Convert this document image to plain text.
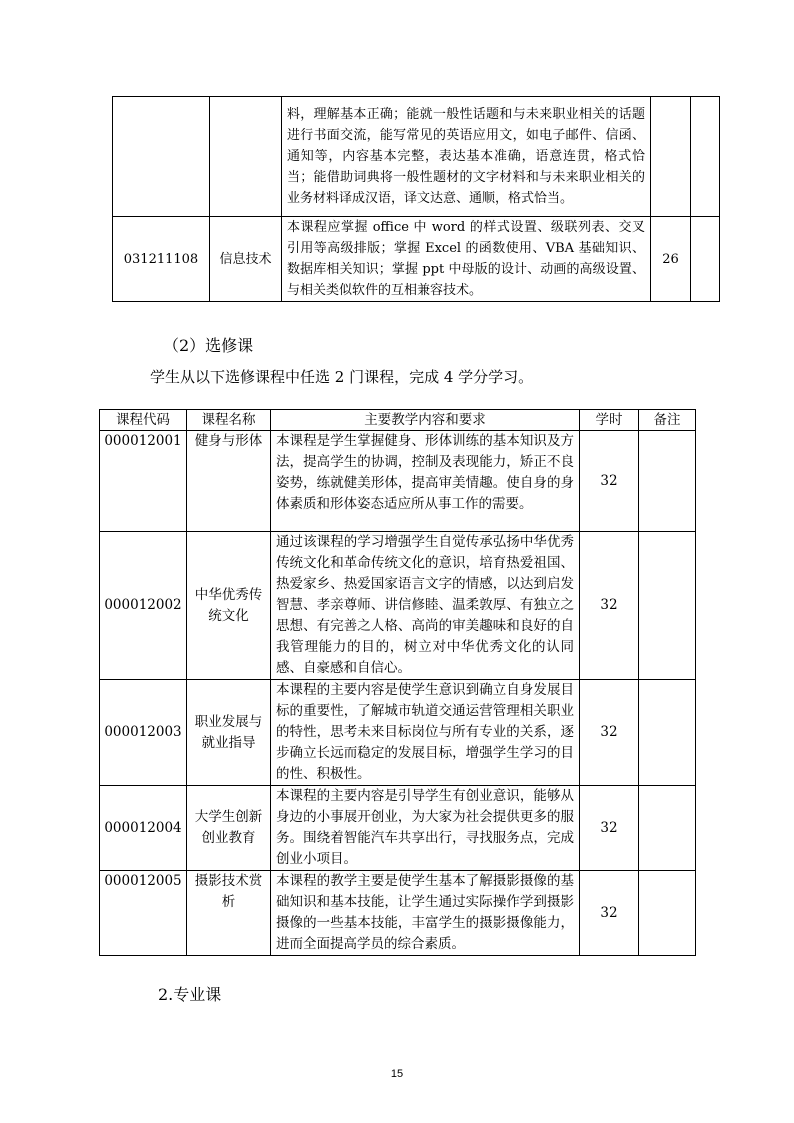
		料，理解基本正确；能就一般性话题和与未来职业相关的话题进行书面交流，能写常见的英语应用文，如电子邮件、信函、通知等，内容基本完整，表达基本准确，语意连贯，格式恰当；能借助词典将一般性题材的文字材料和与未来职业相关的业务材料译成汉语，译文达意、通顺，格式恰当。		
031211108	信息技术	本课程应掌握 office 中 word 的样式设置、级联列表、交叉引用等高级排版；掌握 Excel 的函数使用、VBA 基础知识、数据库相关知识；掌握 ppt 中母版的设计、动画的高级设置、与相关类似软件的互相兼容技术。	26	
（2）选修课
学生从以下选修课程中任选 2 门课程，完成 4 学分学习。
课程代码	课程名称	主要教学内容和要求	学时	备注
000012001	健身与形体	本课程是学生掌握健身、形体训练的基本知识及方法，提高学生的协调，控制及表现能力，矫正不良姿势，练就健美形体，提高审美情趣。使自身的身体素质和形体姿态适应所从事工作的需要。	32	
000012002	中华优秀传统文化	通过该课程的学习增强学生自觉传承弘扬中华优秀传统文化和革命传统文化的意识，培育热爱祖国、热爱家乡、热爱国家语言文字的情感，以达到启发智慧、孝亲尊师、讲信修睦、温柔敦厚、有独立之思想、有完善之人格、高尚的审美趣味和良好的自我管理能力的目的，树立对中华优秀文化的认同感、自豪感和自信心。	32	
000012003	职业发展与就业指导	本课程的主要内容是使学生意识到确立自身发展目标的重要性，了解城市轨道交通运营管理相关职业的特性，思考未来目标岗位与所有专业的关系，逐步确立长远而稳定的发展目标，增强学生学习的目的性、积极性。	32	
000012004	大学生创新创业教育	本课程的主要内容是引导学生有创业意识，能够从身边的小事展开创业，为大家为社会提供更多的服务。围绕着智能汽车共享出行，寻找服务点，完成创业小项目。	32	
000012005	摄影技术赏析	本课程的教学主要是使学生基本了解摄影摄像的基础知识和基本技能，让学生通过实际操作学到摄影摄像的一些基本技能，丰富学生的摄影摄像能力，进而全面提高学员的综合素质。	32	
2.专业课
15
